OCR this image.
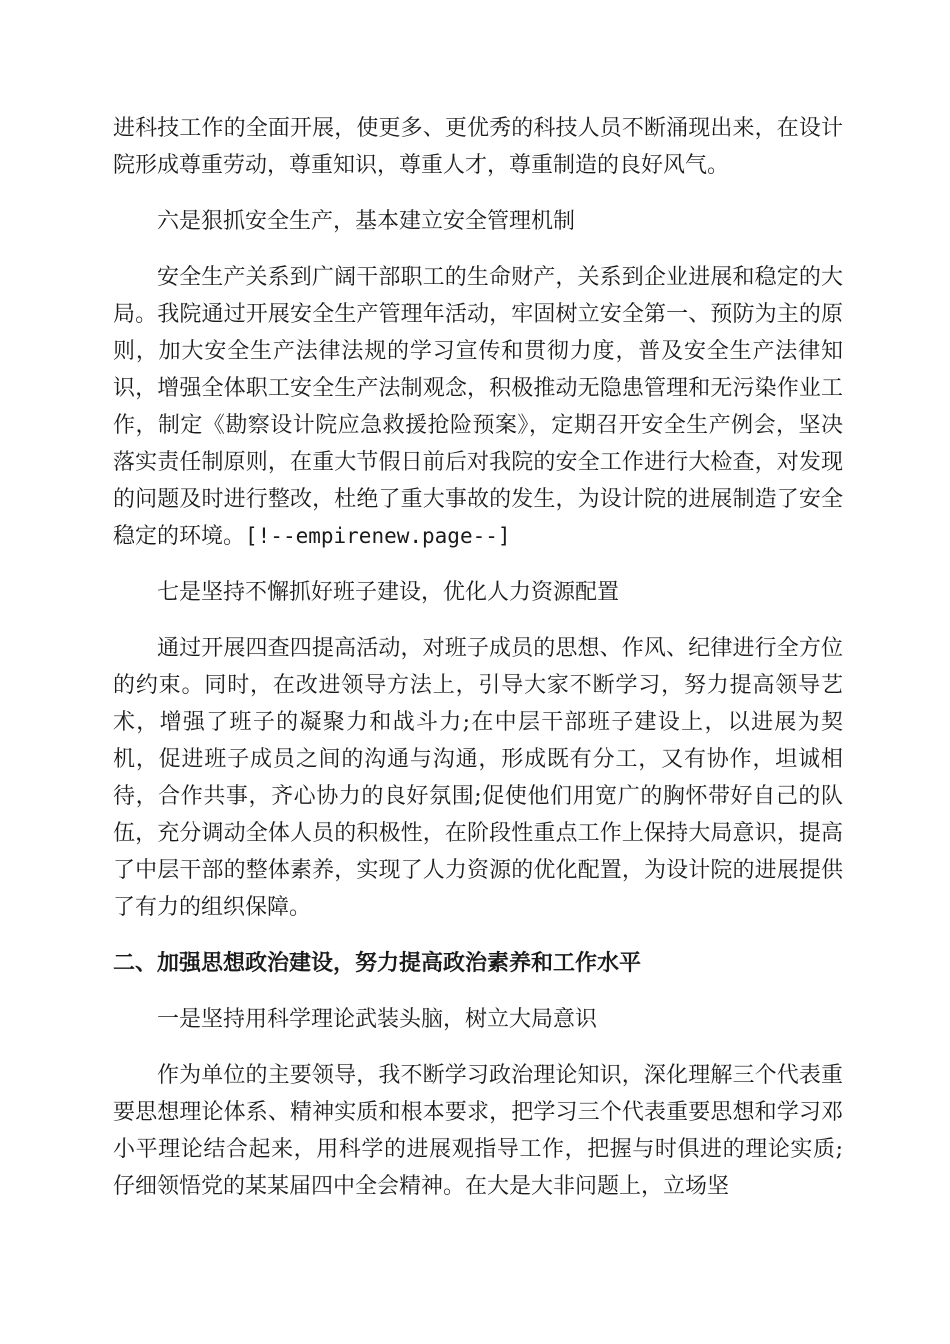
进科技工作的全面开展，使更多、更优秀的科技人员不断涌现出来，在设计院形成尊重劳动，尊重知识，尊重人才，尊重制造的良好风气。

六是狠抓安全生产，基本建立安全管理机制

安全生产关系到广阔干部职工的生命财产，关系到企业进展和稳定的大局。我院通过开展安全生产管理年活动，牢固树立安全第一、预防为主的原则，加大安全生产法律法规的学习宣传和贯彻力度，普及安全生产法律知识，增强全体职工安全生产法制观念，积极推动无隐患管理和无污染作业工作，制定《勘察设计院应急救援抢险预案》，定期召开安全生产例会，坚决落实责任制原则，在重大节假日前后对我院的安全工作进行大检查，对发现的问题及时进行整改，杜绝了重大事故的发生，为设计院的进展制造了安全稳定的环境。[!--empirenew.page--]

七是坚持不懈抓好班子建设，优化人力资源配置

通过开展四查四提高活动，对班子成员的思想、作风、纪律进行全方位的约束。同时，在改进领导方法上，引导大家不断学习，努力提高领导艺术，增强了班子的凝聚力和战斗力;在中层干部班子建设上，以进展为契机，促进班子成员之间的沟通与沟通，形成既有分工，又有协作，坦诚相待，合作共事，齐心协力的良好氛围;促使他们用宽广的胸怀带好自己的队伍，充分调动全体人员的积极性，在阶段性重点工作上保持大局意识，提高了中层干部的整体素养，实现了人力资源的优化配置，为设计院的进展提供了有力的组织保障。

二、加强思想政治建设，努力提高政治素养和工作水平

一是坚持用科学理论武装头脑，树立大局意识

作为单位的主要领导，我不断学习政治理论知识，深化理解三个代表重要思想理论体系、精神实质和根本要求，把学习三个代表重要思想和学习邓小平理论结合起来，用科学的进展观指导工作，把握与时俱进的理论实质;仔细领悟党的某某届四中全会精神。在大是大非问题上，立场坚
